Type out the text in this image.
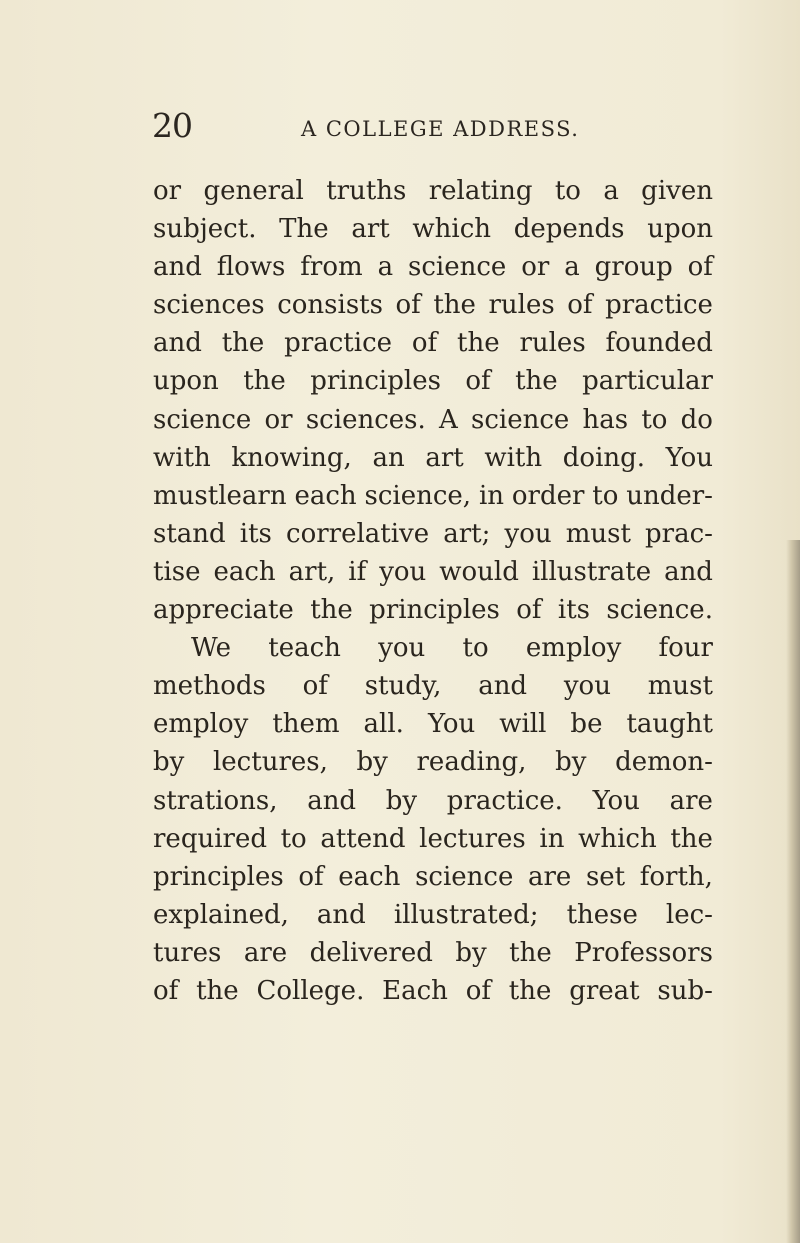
20	A COLLEGE ADDRESS.
or general truths relating to a given
subject. The art which depends upon
and flows from a science or a group of
sciences consists of the rules of practice
and the practice of the rules founded
upon the principles of the particular
science or sciences. A science has to do
with knowing, an art with doing. You
mustlearn each science, in order to under-
stand its correlative art; you must prac-
tise each art, if you would illustrate and
appreciate the principles of its science.
We teach you to employ four
methods of study, and you must
employ them all. You will be taught
by lectures, by reading, by demon-
strations, and by practice. You are
required to attend lectures in which the
principles of each science are set forth,
explained, and illustrated; these lec-
tures are delivered by the Professors
of the College. Each of the great sub-
